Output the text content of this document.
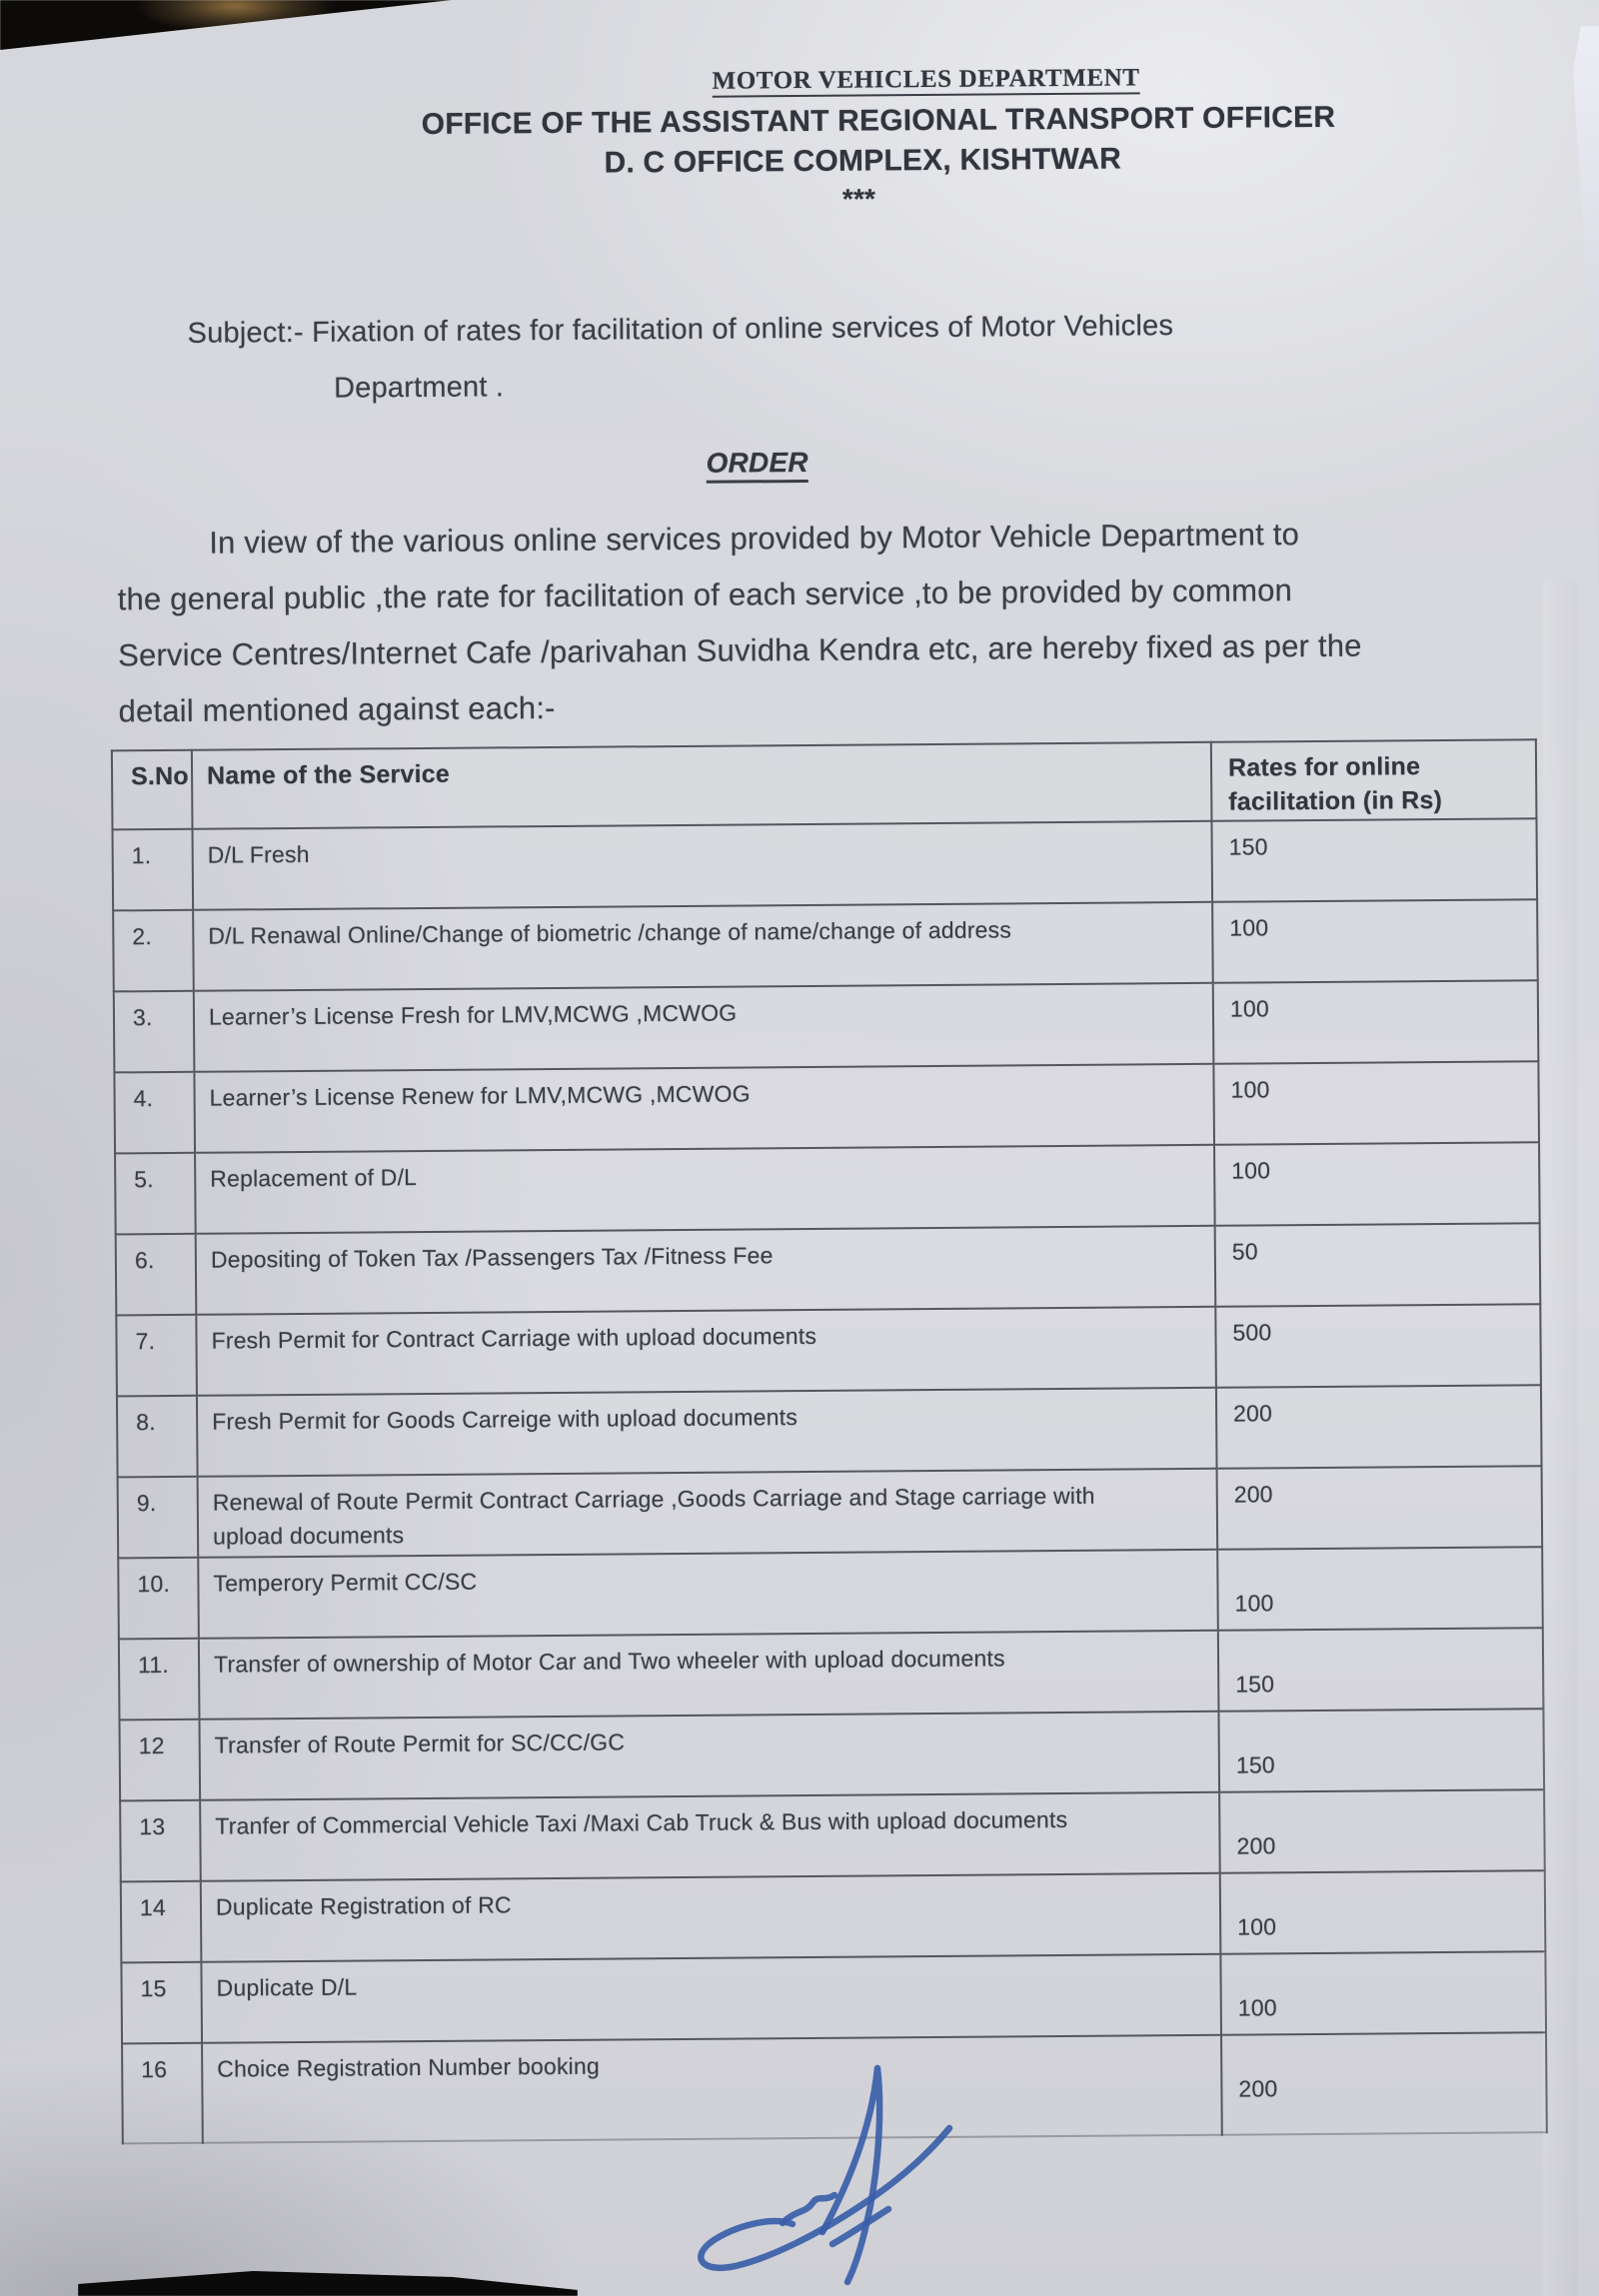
MOTOR VEHICLES DEPARTMENT
OFFICE OF THE ASSISTANT REGIONAL TRANSPORT OFFICER
D. C OFFICE COMPLEX, KISHTWAR
***
Subject:- Fixation of rates for facilitation of online services of Motor Vehicles
Department .
ORDER
In view of the various online services provided by Motor Vehicle Department to
the general public ,the rate for facilitation of each service ,to be provided by common
Service Centres/Internet Cafe /parivahan Suvidha Kendra etc, are hereby fixed as per the
detail mentioned against each:-
S.No	Name of the Service	Rates for online facilitation (in Rs)
1.	D/L Fresh	150
2.	D/L Renawal Online/Change of biometric /change of name/change of address	100
3.	Learner’s License Fresh for LMV,MCWG ,MCWOG	100
4.	Learner’s License Renew for LMV,MCWG ,MCWOG	100
5.	Replacement of D/L	100
6.	Depositing of Token Tax /Passengers Tax /Fitness Fee	50
7.	Fresh Permit for Contract Carriage with upload documents	500
8.	Fresh Permit for Goods Carreige with upload documents	200
9.	Renewal of Route Permit Contract Carriage ,Goods Carriage and Stage carriage with upload documents	200
10.	Temperory Permit CC/SC	100
11.	Transfer of ownership of Motor Car and Two wheeler with upload documents	150
12	Transfer of Route Permit for SC/CC/GC	150
13	Tranfer of Commercial Vehicle Taxi /Maxi Cab Truck & Bus with upload documents	200
14	Duplicate Registration of RC	100
15	Duplicate D/L	100
16	Choice Registration Number booking	200
